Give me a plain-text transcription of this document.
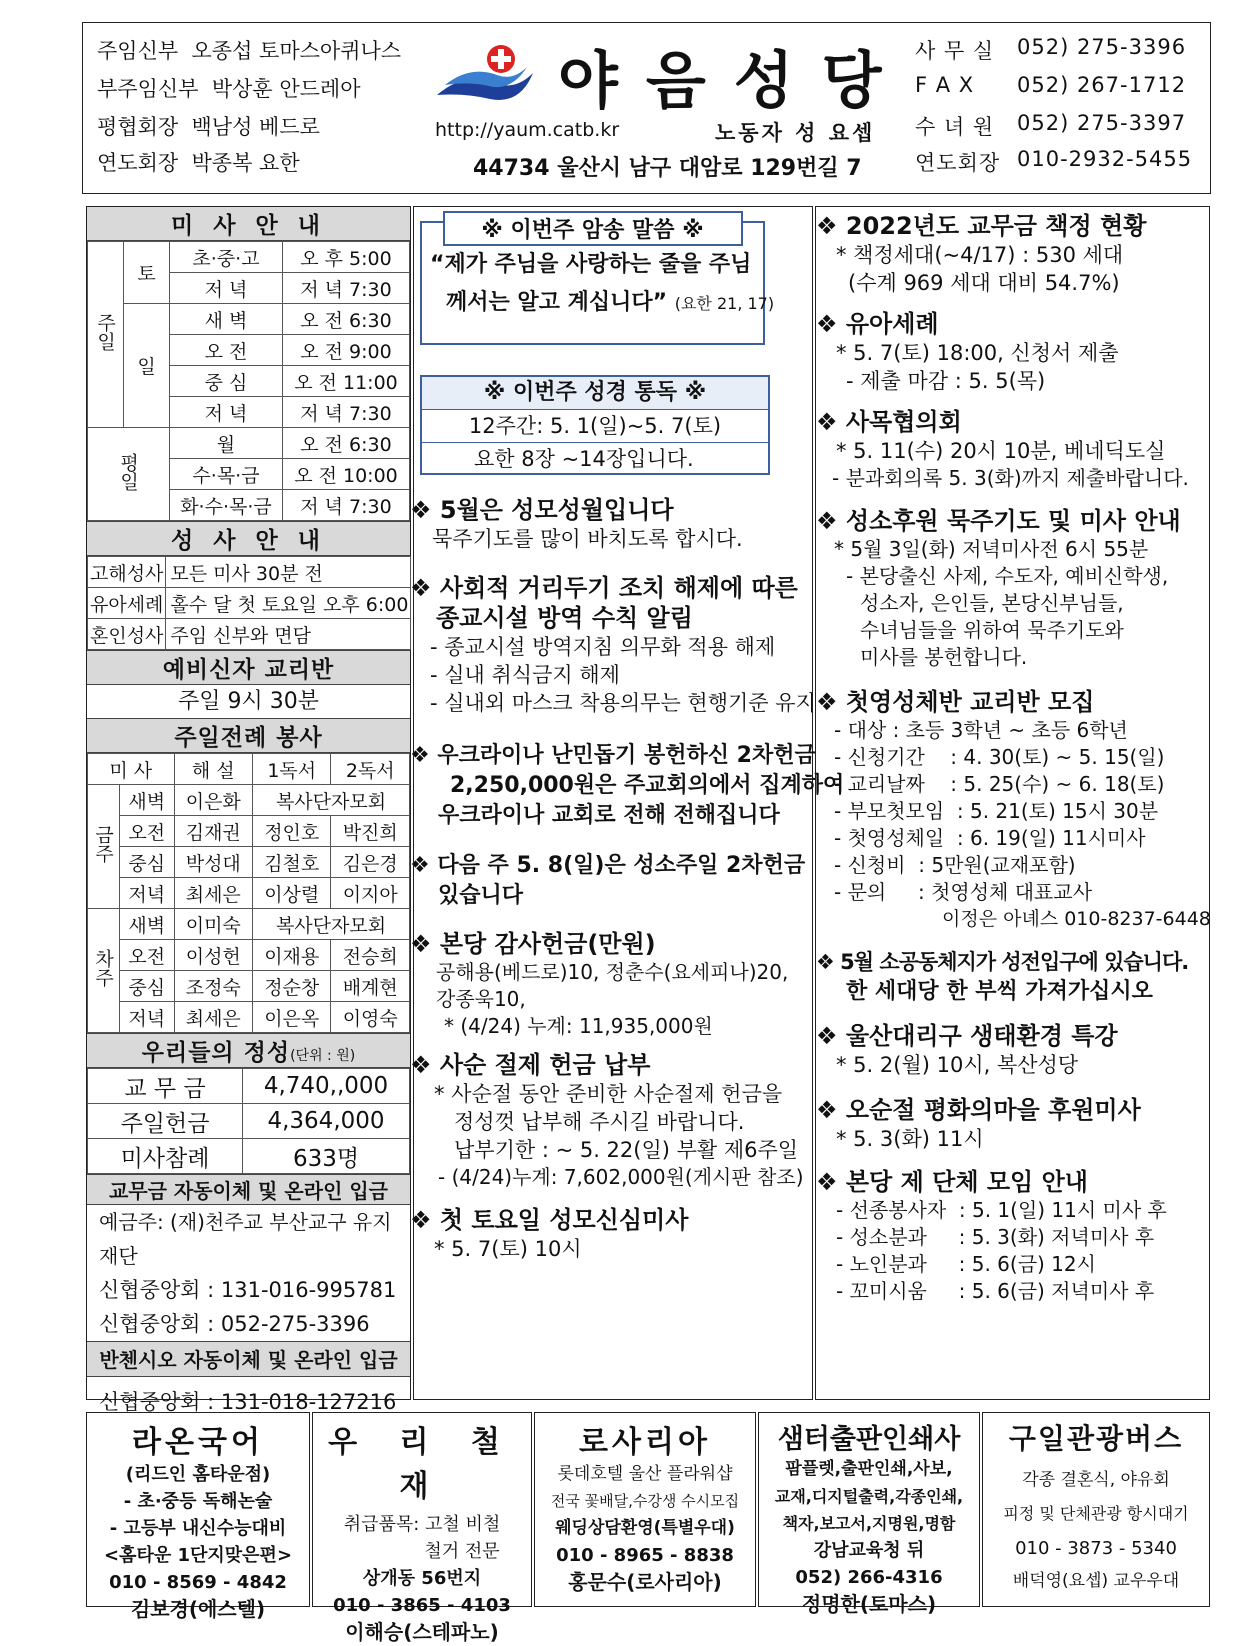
주임신부 오종섭 토마스아퀴나스
부주임신부 박상훈 안드레아
평협회장 백남성 베드로
연도회장 박종복 요한
야음성당
http://yaum.catb.kr	노동자 성 요셉
44734 울산시 남구 대암로 129번길 7
사 무 실 052) 275-3396
F A X 052) 267-1712
수 녀 원 052) 275-3397
연도회장 010-2932-5455
미 사 안 내
주일	토	초·중·고	오 후 5:00
		저 녁	저 녁 7:30
	일	새 벽	오 전 6:30
		오 전	오 전 9:00
		중 심	오 전 11:00
		저 녁	저 녁 7:30
평일		월	오 전 6:30
		수·목·금	오 전 10:00
		화·수·목·금	저 녁 7:30
성 사 안 내
고해성사	모든 미사 30분 전
유아세례	홀수 달 첫 토요일 오후 6:00
혼인성사	주임 신부와 면담
예비신자 교리반
주일 9시 30분
주일전례 봉사
미 사		해 설	1독서	2독서
금주	새벽	이은화	복사단자모회	
	오전	김재권	정인호	박진희
	중심	박성대	김철호	김은경
	저녁	최세은	이상렬	이지아
차주	새벽	이미숙	복사단자모회	
	오전	이성헌	이재용	전승희
	중심	조정숙	정순창	배계현
	저녁	최세은	이은옥	이영숙
우리들의 정성(단위 : 원)
교 무 금	4,740,,000
주일헌금	4,364,000
미사참례	633명
교무금 자동이체 및 온라인 입금
예금주: (재)천주교 부산교구 유지재단
신협중앙회 : 131-016-995781
신협중앙회 : 052-275-3396
반첸시오 자동이체 및 온라인 입금
신협중앙회 : 131-018-127216
※ 이번주 암송 말씀 ※
“제가 주님을 사랑하는 줄을 주님
께서는 알고 계십니다” (요한 21, 17)
※ 이번주 성경 통독 ※
12주간: 5. 1(일)~5. 7(토)
요한 8장 ~14장입니다.
❖ 5월은 성모성월입니다
묵주기도를 많이 바치도록 합시다.
❖ 사회적 거리두기 조치 해제에 따른
종교시설 방역 수칙 알림
- 종교시설 방역지침 의무화 적용 해제
- 실내 취식금지 해제
- 실내외 마스크 착용의무는 현행기준 유지
❖ 우크라이나 난민돕기 봉헌하신 2차헌금
2,250,000원은 주교회의에서 집계하여
우크라이나 교회로 전해 전해집니다
❖ 다음 주 5. 8(일)은 성소주일 2차헌금
있습니다
❖ 본당 감사헌금(만원)
공해용(베드로)10, 정춘수(요세피나)20,
강종욱10,
* (4/24) 누계: 11,935,000원
❖ 사순 절제 헌금 납부
* 사순절 동안 준비한 사순절제 헌금을
정성껏 납부해 주시길 바랍니다.
납부기한 : ~ 5. 22(일) 부활 제6주일
- (4/24)누계: 7,602,000원(게시판 참조)
❖ 첫 토요일 성모신심미사
* 5. 7(토) 10시
❖ 2022년도 교무금 책정 현황
* 책정세대(~4/17) : 530 세대
(수계 969 세대 대비 54.7%)
❖ 유아세례
* 5. 7(토) 18:00, 신청서 제출
- 제출 마감 : 5. 5(목)
❖ 사목협의회
* 5. 11(수) 20시 10분, 베네딕도실
- 분과회의록 5. 3(화)까지 제출바랍니다.
❖ 성소후원 묵주기도 및 미사 안내
* 5월 3일(화) 저녁미사전 6시 55분
- 본당출신 사제, 수도자, 예비신학생,
성소자, 은인들, 본당신부님들,
수녀님들을 위하여 묵주기도와
미사를 봉헌합니다.
❖ 첫영성체반 교리반 모집
- 대상 : 초등 3학년 ~ 초등 6학년
- 신청기간    : 4. 30(토) ~ 5. 15(일)
- 교리날짜    : 5. 25(수) ~ 6. 18(토)
- 부모첫모임  : 5. 21(토) 15시 30분
- 첫영성체일  : 6. 19(일) 11시미사
- 신청비  : 5만원(교재포함)
- 문의     : 첫영성체 대표교사
이정은 아녜스 010-8237-6448
❖ 5월 소공동체지가 성전입구에 있습니다.
한 세대당 한 부씩 가져가십시오
❖ 울산대리구 생태환경 특강
* 5. 2(월) 10시, 복산성당
❖ 오순절 평화의마을 후원미사
* 5. 3(화) 11시
❖ 본당 제 단체 모임 안내
- 선종봉사자  : 5. 1(일) 11시 미사 후
- 성소분과     : 5. 3(화) 저녁미사 후
- 노인분과     : 5. 6(금) 12시
- 꼬미시움     : 5. 6(금) 저녁미사 후
라온국어
(리드인 홈타운점)
- 초·중등 독해논술
- 고등부 내신수능대비
<홈타운 1단지맞은편>
010 - 8569 - 4842
김보경(에스텔)
우 리 철 재
취급품목: 고철 비철
철거 전문
상개동 56번지
010 - 3865 - 4103
이해승(스테파노)
로사리아
롯데호텔 울산 플라워샵
전국 꽃배달,수강생 수시모집
웨딩상담환영(특별우대)
010 - 8965 - 8838
홍문수(로사리아)
샘터출판인쇄사
팜플렛,출판인쇄,사보,
교재,디지털출력,각종인쇄,
책자,보고서,지명원,명함
강남교육청 뒤
052) 266-4316
정명한(토마스)
구일관광버스
각종 결혼식, 야유회
피정 및 단체관광 항시대기
010 - 3873 - 5340
배덕영(요셉) 교우우대
